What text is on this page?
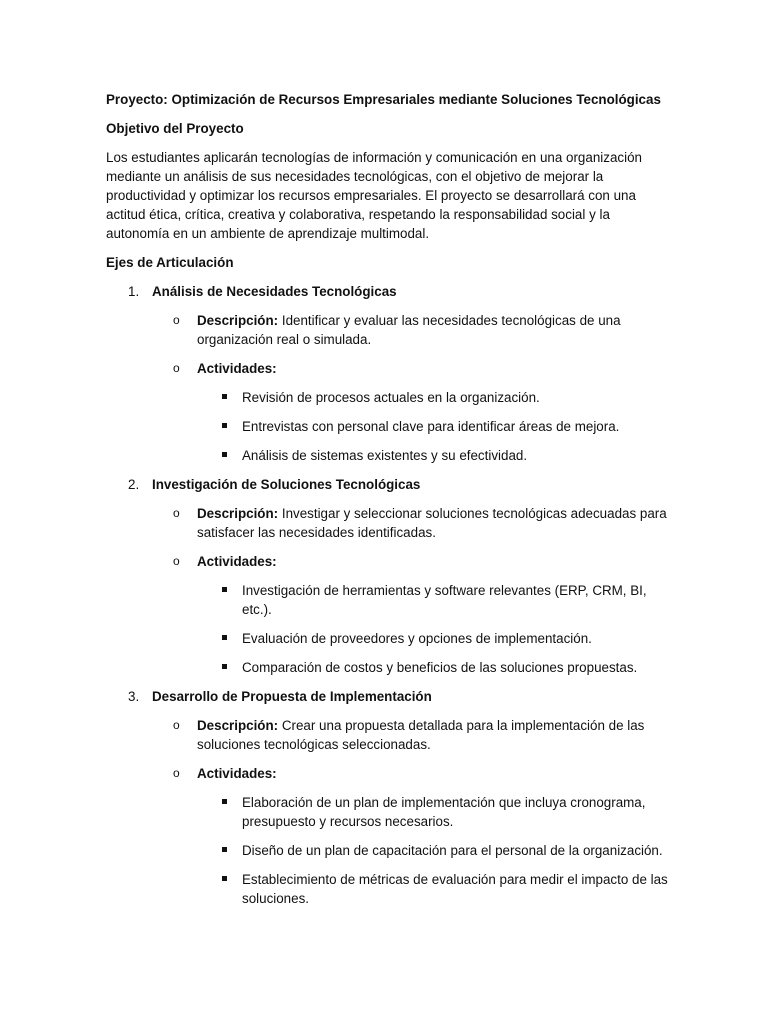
Proyecto: Optimización de Recursos Empresariales mediante Soluciones Tecnológicas

Objetivo del Proyecto

Los estudiantes aplicarán tecnologías de información y comunicación en una organización mediante un análisis de sus necesidades tecnológicas, con el objetivo de mejorar la productividad y optimizar los recursos empresariales. El proyecto se desarrollará con una actitud ética, crítica, creativa y colaborativa, respetando la responsabilidad social y la autonomía en un ambiente de aprendizaje multimodal.

Ejes de Articulación

1. Análisis de Necesidades Tecnológicas
o Descripción: Identificar y evaluar las necesidades tecnológicas de una organización real o simulada.
o Actividades:
Revisión de procesos actuales en la organización.
Entrevistas con personal clave para identificar áreas de mejora.
Análisis de sistemas existentes y su efectividad.
2. Investigación de Soluciones Tecnológicas
o Descripción: Investigar y seleccionar soluciones tecnológicas adecuadas para satisfacer las necesidades identificadas.
o Actividades:
Investigación de herramientas y software relevantes (ERP, CRM, BI, etc.).
Evaluación de proveedores y opciones de implementación.
Comparación de costos y beneficios de las soluciones propuestas.
3. Desarrollo de Propuesta de Implementación
o Descripción: Crear una propuesta detallada para la implementación de las soluciones tecnológicas seleccionadas.
o Actividades:
Elaboración de un plan de implementación que incluya cronograma, presupuesto y recursos necesarios.
Diseño de un plan de capacitación para el personal de la organización.
Establecimiento de métricas de evaluación para medir el impacto de las soluciones.
